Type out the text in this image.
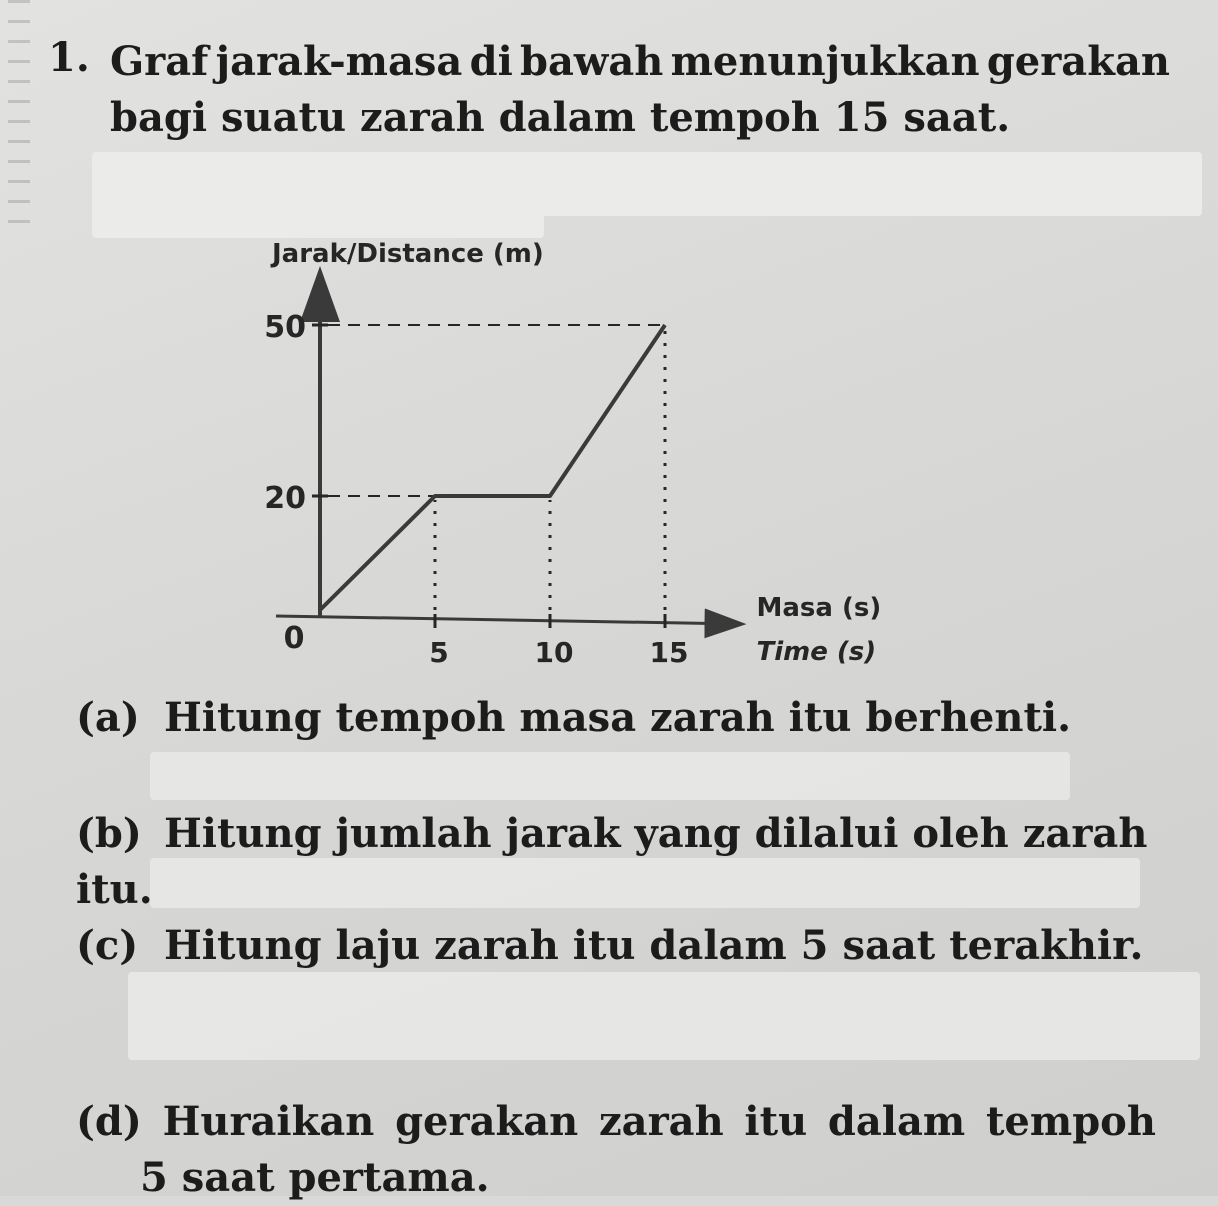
1. Graf jarak-masa di bawah menunjukkan gerakan
bagi suatu zarah dalam tempoh 15 saat.
20
50
5	10	15
0
Jarak/Distance (m)
Masa (s)
Time (s)
(a) Hitung tempoh masa zarah itu berhenti.
(b) Hitung jumlah jarak yang dilalui oleh zarah itu.
(c) Hitung laju zarah itu dalam 5 saat terakhir.
(d) Huraikan gerakan zarah itu dalam tempoh
5 saat pertama.
